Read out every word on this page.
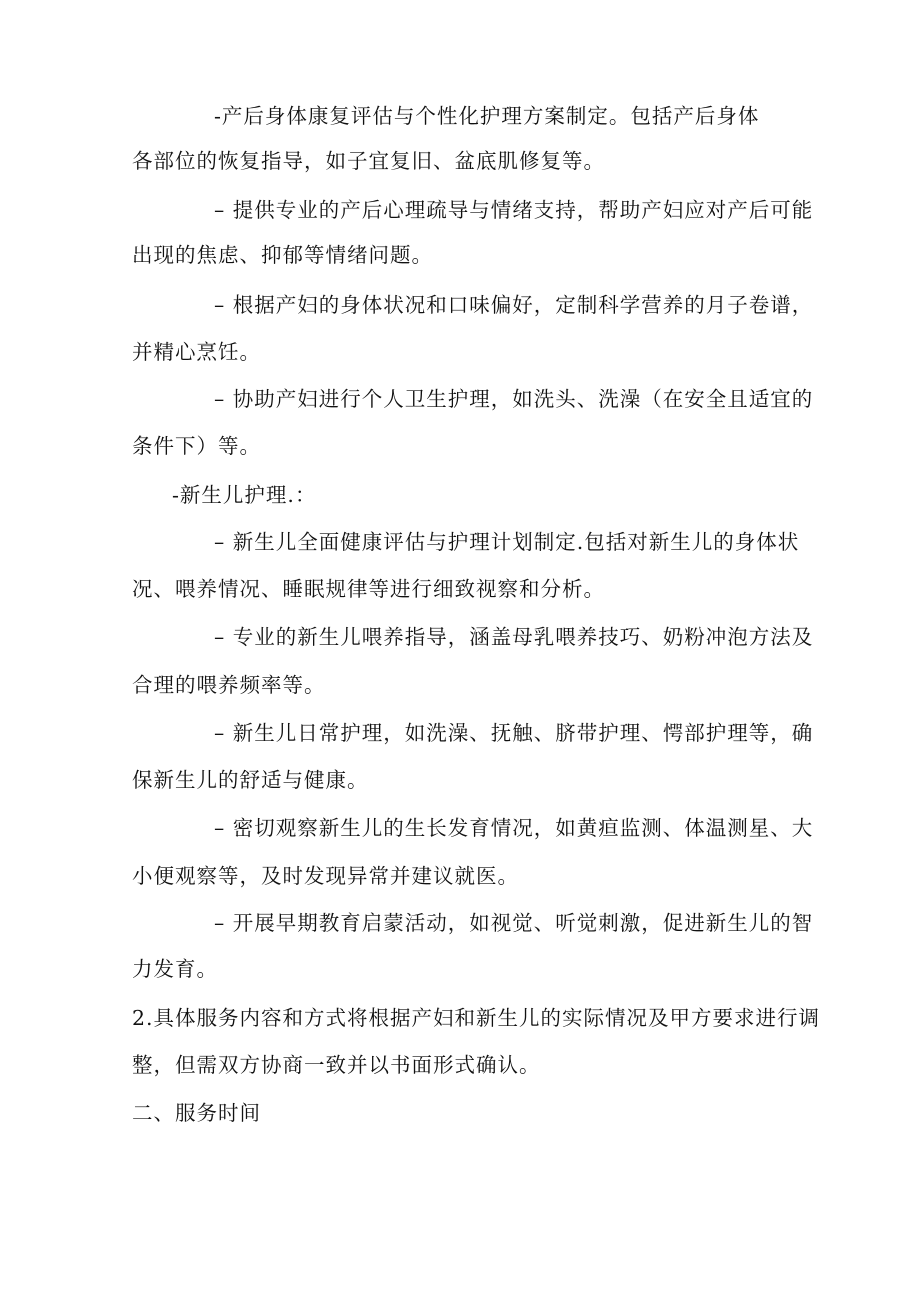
-产后身体康复评估与个性化护理方案制定。包括产后身体
各部位的恢复指导，如子宜复旧、盆底肌修复等。
– 提供专业的产后心理疏导与情绪支持，帮助产妇应对产后可能
出现的焦虑、抑郁等情绪问题。
– 根据产妇的身体状况和口味偏好，定制科学营养的月子卷谱，
并精心烹饪。
– 协助产妇进行个人卫生护理，如洗头、洗澡（在安全且适宜的
条件下）等。
-新生儿护理.：
– 新生儿全面健康评估与护理计划制定.包括对新生儿的身体状
况、喂养情况、睡眠规律等进行细致视察和分析。
– 专业的新生儿喂养指导，涵盖母乳喂养技巧、奶粉冲泡方法及
合理的喂养频率等。
– 新生儿日常护理，如洗澡、抚触、脐带护理、愕部护理等，确
保新生儿的舒适与健康。
– 密切观察新生儿的生长发育情况，如黄疸监测、体温测星、大
小便观察等，及时发现异常并建议就医。
– 开展早期教育启蒙活动，如视觉、听觉刺激，促进新生儿的智
力发育。
2.具体服务内容和方式将根据产妇和新生儿的实际情况及甲方要求进行调
整，但需双方协商一致并以书面形式确认。
二、服务时间
